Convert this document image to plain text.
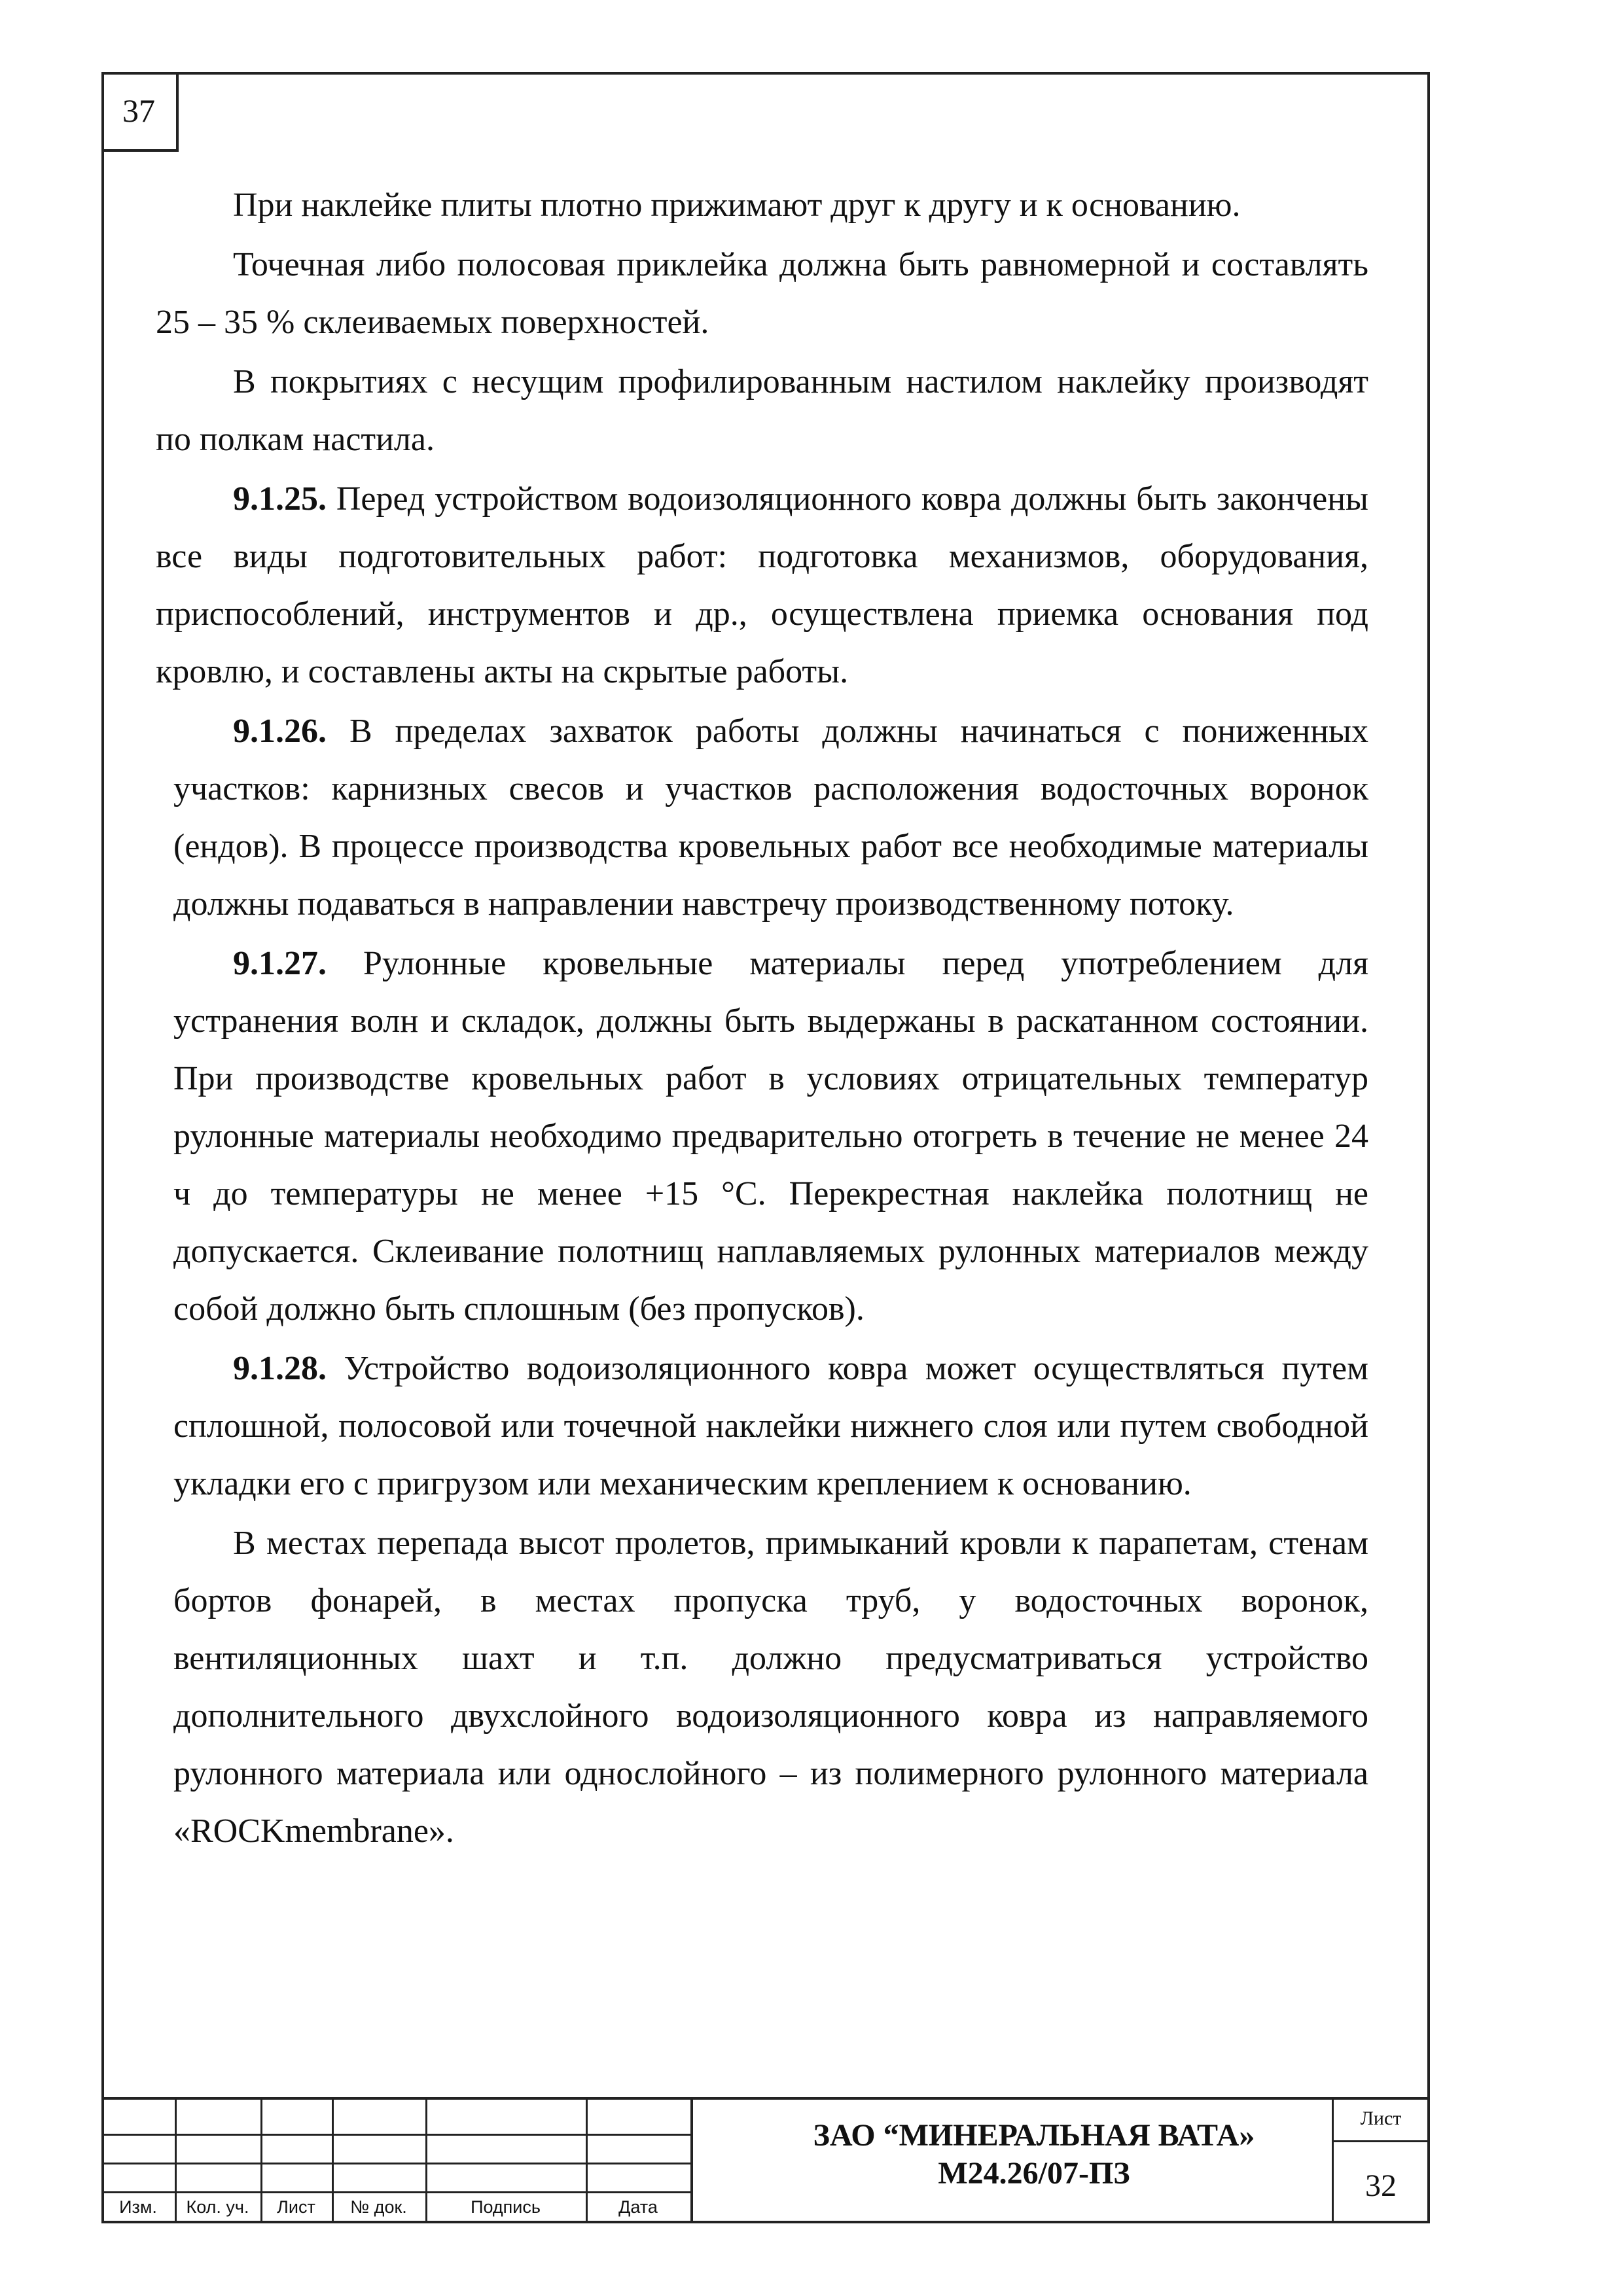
37

При наклейке плиты плотно прижимают друг к другу и к основанию.

Точечная либо полосовая приклейка должна быть равномерной и составлять 25 – 35 % склеиваемых поверхностей.

В покрытиях с несущим профилированным настилом наклейку производят по полкам настила.

9.1.25. Перед устройством водоизоляционного ковра должны быть закончены все виды подготовительных работ: подготовка механизмов, оборудования, приспособлений, инструментов и др., осуществлена приемка основания под кровлю, и составлены акты на скрытые работы.

9.1.26. В пределах захваток работы должны начинаться с пониженных участков: карнизных свесов и участков расположения водосточных воронок (ендов). В процессе производства кровельных работ все необходимые материалы должны подаваться в направлении навстречу производственному потоку.

9.1.27. Рулонные кровельные материалы перед употреблением для устранения волн и складок, должны быть выдержаны в раскатанном состоянии. При производстве кровельных работ в условиях отрицательных температур рулонные материалы необходимо предварительно отогреть в течение не менее 24 ч до температуры не менее +15 °С. Перекрестная наклейка полотнищ не допускается. Склеивание полотнищ наплавляемых рулонных материалов между собой должно быть сплошным (без пропусков).

9.1.28. Устройство водоизоляционного ковра может осуществляться путем сплошной, полосовой или точечной наклейки нижнего слоя или путем свободной укладки его с пригрузом или механическим креплением к основанию.

В местах перепада высот пролетов, примыканий кровли к парапетам, стенам бортов фонарей, в местах пропуска труб, у водосточных воронок, вентиляционных шахт и т.п. должно предусматриваться устройство дополнительного двухслойного водоизоляционного ковра из направляемого рулонного материала или однослойного – из полимерного рулонного материала «ROCKmembrane».

Изм.	Кол. уч.	Лист	№ док.	Подпись	Дата
ЗАО “МИНЕРАЛЬНАЯ ВАТА»
М24.26/07-ПЗ
Лист
32
